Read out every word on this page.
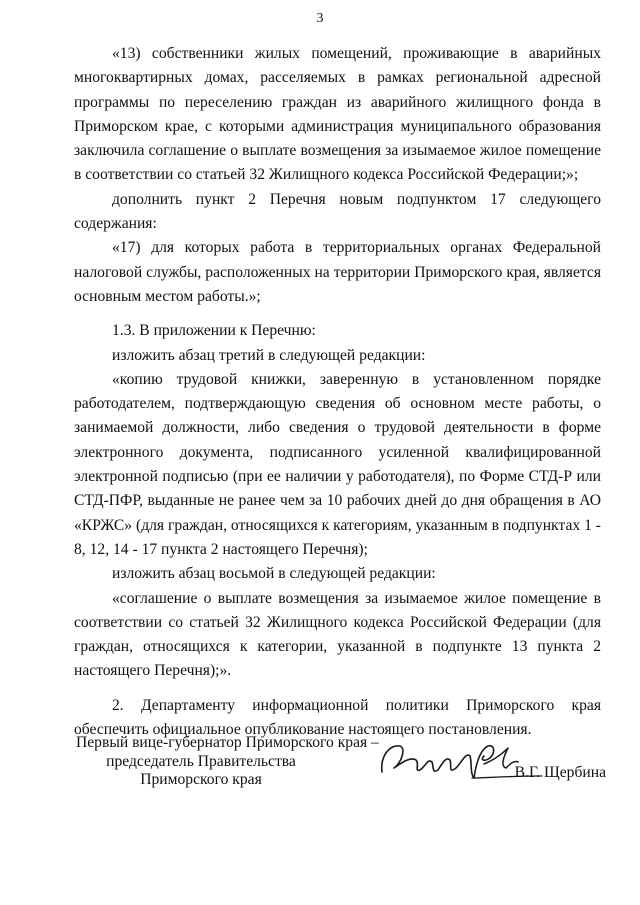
3

«13) собственники жилых помещений, проживающие в аварийных многоквартирных домах, расселяемых в рамках региональной адресной программы по переселению граждан из аварийного жилищного фонда в Приморском крае, с которыми администрация муниципального образования заключила соглашение о выплате возмещения за изымаемое жилое помещение в соответствии со статьей 32 Жилищного кодекса Российской Федерации;»;

дополнить пункт 2 Перечня новым подпунктом 17 следующего содержания:

«17) для которых работа в территориальных органах Федеральной налоговой службы, расположенных на территории Приморского края, является основным местом работы.»;

1.3. В приложении к Перечню:

изложить абзац третий в следующей редакции:

«копию трудовой книжки, заверенную в установленном порядке работодателем, подтверждающую сведения об основном месте работы, о занимаемой должности, либо сведения о трудовой деятельности в форме электронного документа, подписанного усиленной квалифицированной электронной подписью (при ее наличии у работодателя), по Форме СТД-Р или СТД-ПФР, выданные не ранее чем за 10 рабочих дней до дня обращения в АО «КРЖС» (для граждан, относящихся к категориям, указанным в подпунктах 1 - 8, 12, 14 - 17 пункта 2 настоящего Перечня);

изложить абзац восьмой в следующей редакции:

«соглашение о выплате возмещения за изымаемое жилое помещение в соответствии со статьей 32 Жилищного кодекса Российской Федерации (для граждан, относящихся к категории, указанной в подпункте 13 пункта 2 настоящего Перечня);».

2. Департаменту информационной политики Приморского края обеспечить официальное опубликование настоящего постановления.

Первый вице-губернатор Приморского края –
председатель Правительства
Приморского края	В.Г. Щербина
